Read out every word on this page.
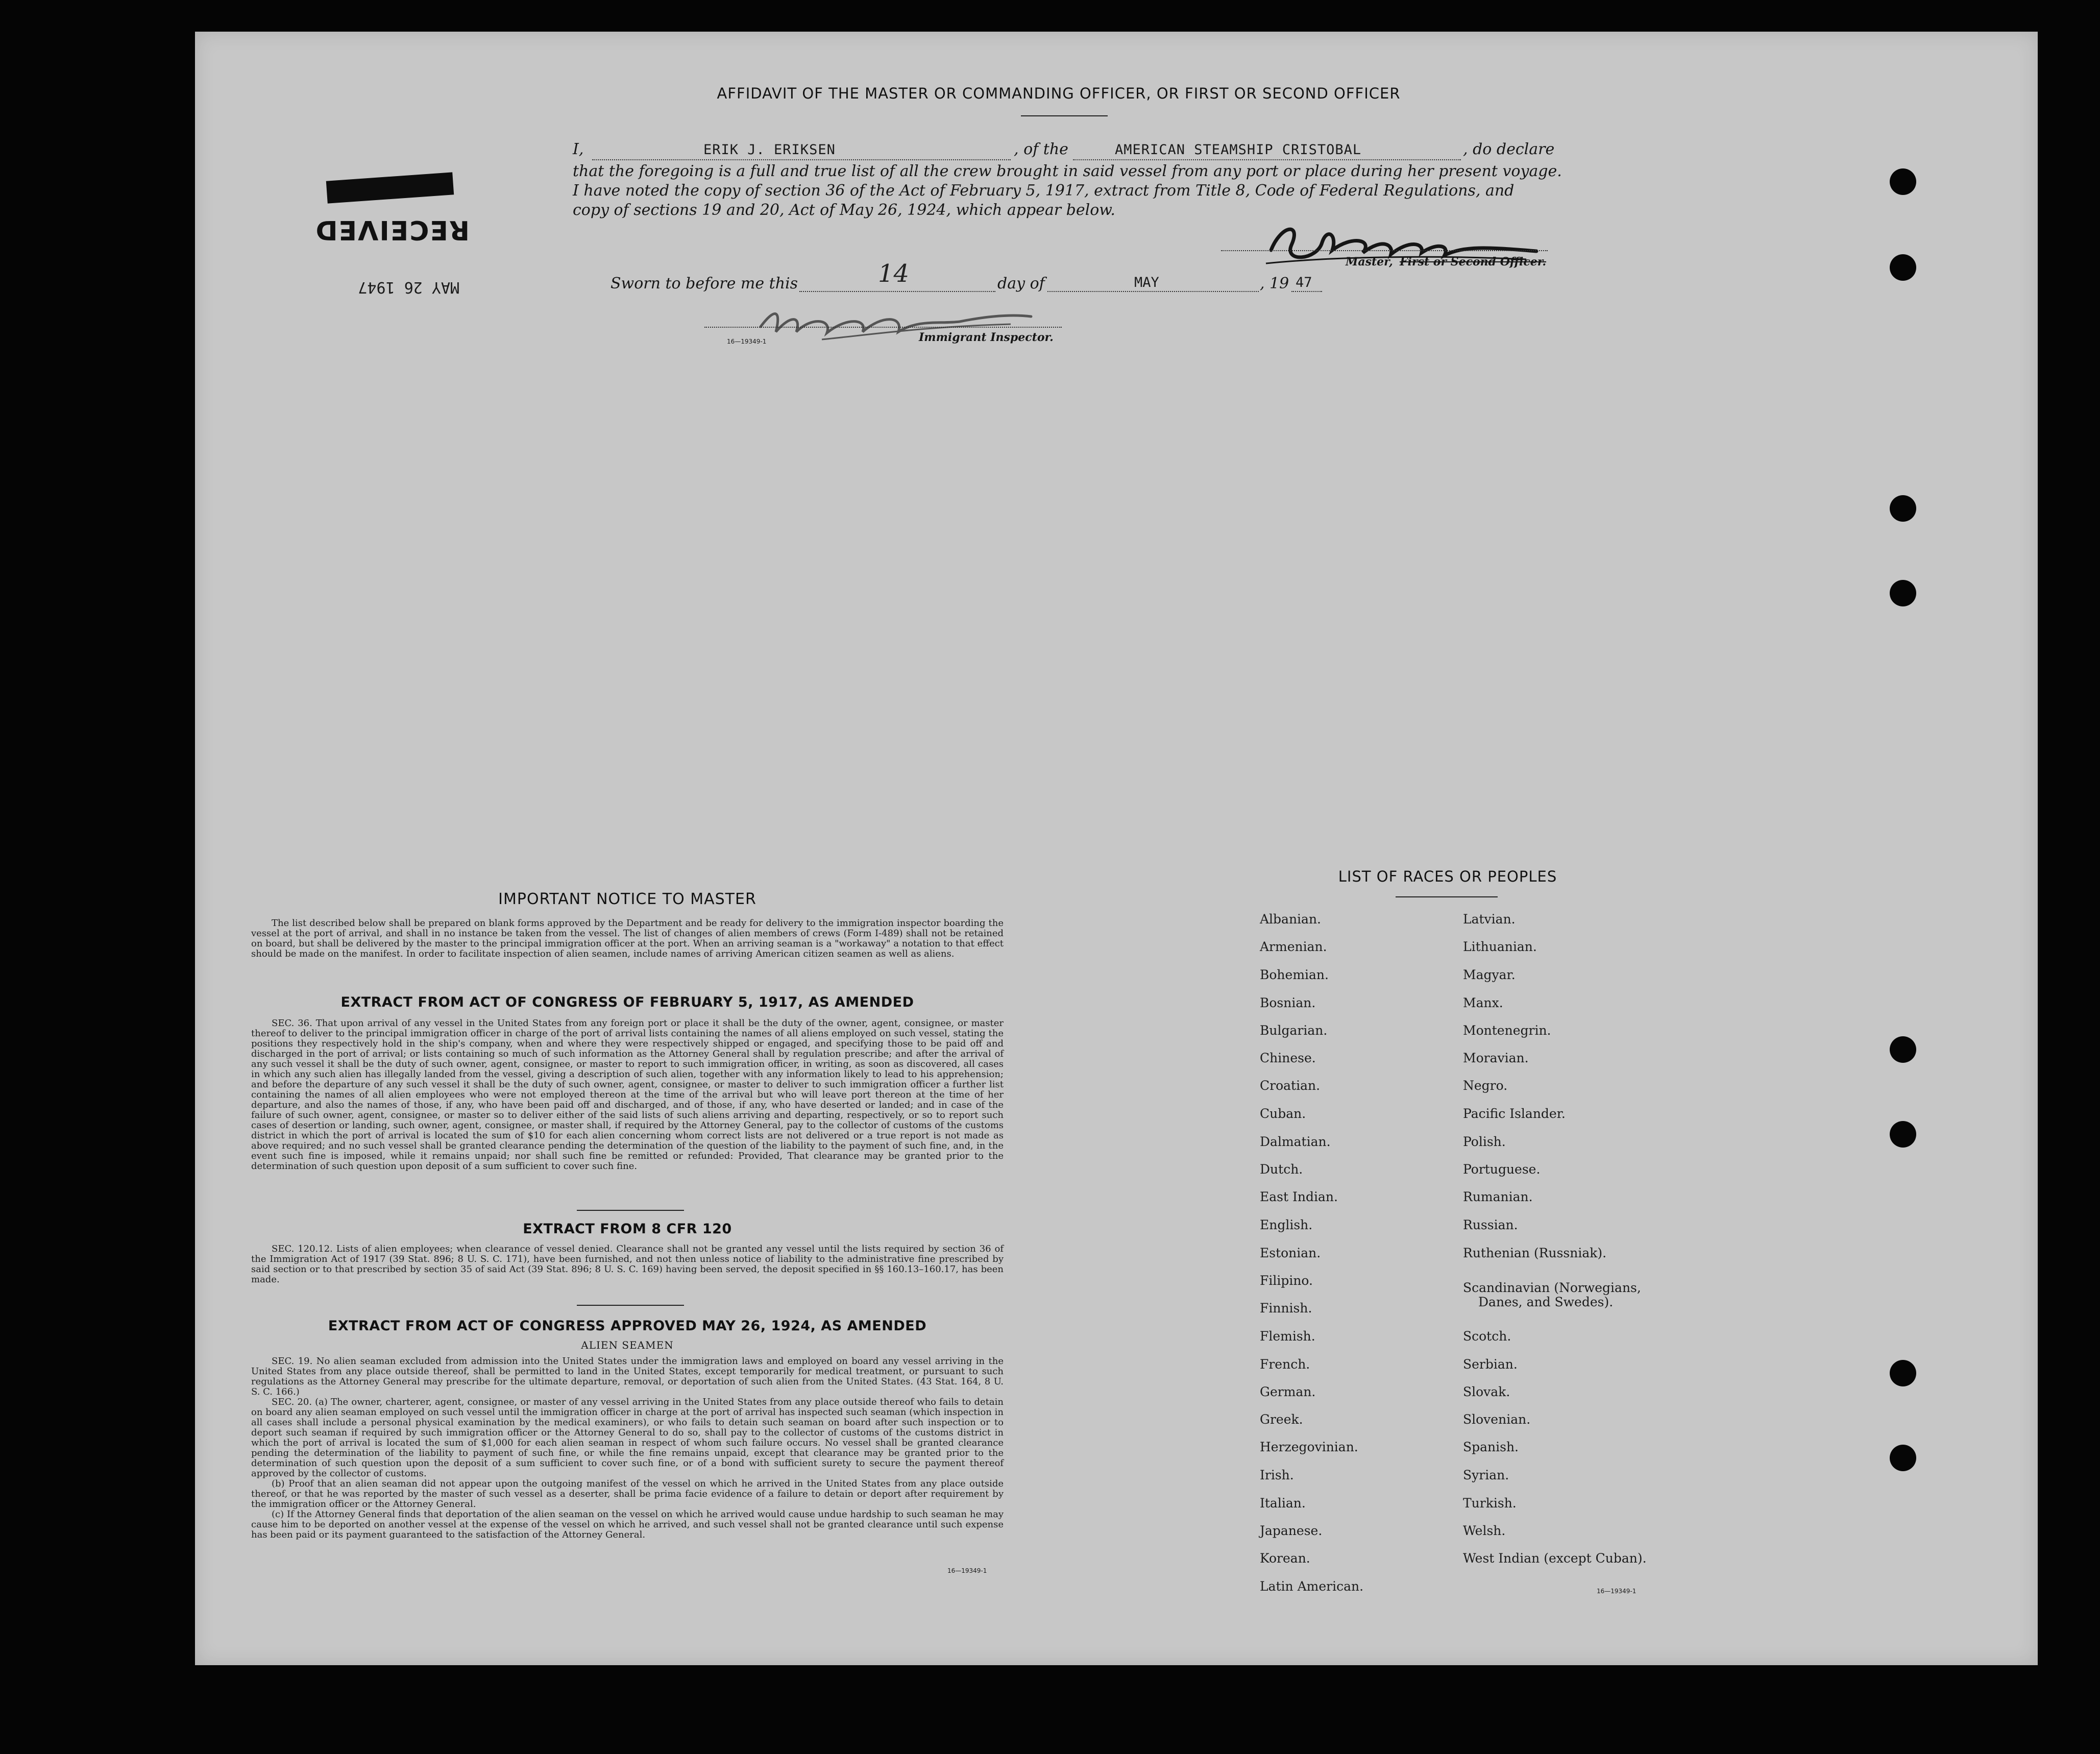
AFFIDAVIT OF THE MASTER OR COMMANDING OFFICER, OR FIRST OR SECOND OFFICER
I,	ERIK J. ERIKSEN	, of the	AMERICAN STEAMSHIP CRISTOBAL	, do declare
that the foregoing is a full and true list of all the crew brought in said vessel from any port or place during her present voyage.
I have noted the copy of section 36 of the Act of February 5, 1917, extract from Title 8, Code of Federal Regulations, and
copy of sections 19 and 20, Act of May 26, 1924, which appear below.
Master, First or Second Officer.
Sworn to before me this	14	day of	MAY	, 19 47
16—19349-1	Immigrant Inspector.
MAY 26 1947
RECEIVED
IMPORTANT NOTICE TO MASTER
The list described below shall be prepared on blank forms approved by the Department and be ready for delivery to the immigration inspector boarding the vessel at the port of arrival, and shall in no instance be taken from the vessel. The list of changes of alien members of crews (Form I-489) shall not be retained on board, but shall be delivered by the master to the principal immigration officer at the port. When an arriving seaman is a "workaway" a notation to that effect should be made on the manifest. In order to facilitate inspection of alien seamen, include names of arriving American citizen seamen as well as aliens.
EXTRACT FROM ACT OF CONGRESS OF FEBRUARY 5, 1917, AS AMENDED
SEC. 36. That upon arrival of any vessel in the United States from any foreign port or place it shall be the duty of the owner, agent, consignee, or master thereof to deliver to the principal immigration officer in charge of the port of arrival lists containing the names of all aliens employed on such vessel, stating the positions they respectively hold in the ship's company, when and where they were respectively shipped or engaged, and specifying those to be paid off and discharged in the port of arrival; or lists containing so much of such information as the Attorney General shall by regulation prescribe; and after the arrival of any such vessel it shall be the duty of such owner, agent, consignee, or master to report to such immigration officer, in writing, as soon as discovered, all cases in which any such alien has illegally landed from the vessel, giving a description of such alien, together with any information likely to lead to his apprehension; and before the departure of any such vessel it shall be the duty of such owner, agent, consignee, or master to deliver to such immigration officer a further list containing the names of all alien employees who were not employed thereon at the time of the arrival but who will leave port thereon at the time of her departure, and also the names of those, if any, who have been paid off and discharged, and of those, if any, who have deserted or landed; and in case of the failure of such owner, agent, consignee, or master so to deliver either of the said lists of such aliens arriving and departing, respectively, or so to report such cases of desertion or landing, such owner, agent, consignee, or master shall, if required by the Attorney General, pay to the collector of customs of the customs district in which the port of arrival is located the sum of $10 for each alien concerning whom correct lists are not delivered or a true report is not made as above required; and no such vessel shall be granted clearance pending the determination of the question of the liability to the payment of such fine, and, in the event such fine is imposed, while it remains unpaid; nor shall such fine be remitted or refunded: Provided, That clearance may be granted prior to the determination of such question upon deposit of a sum sufficient to cover such fine.
EXTRACT FROM 8 CFR 120
SEC. 120.12. Lists of alien employees; when clearance of vessel denied. Clearance shall not be granted any vessel until the lists required by section 36 of the Immigration Act of 1917 (39 Stat. 896; 8 U. S. C. 171), have been furnished, and not then unless notice of liability to the administrative fine prescribed by said section or to that prescribed by section 35 of said Act (39 Stat. 896; 8 U. S. C. 169) having been served, the deposit specified in §§ 160.13–160.17, has been made.
EXTRACT FROM ACT OF CONGRESS APPROVED MAY 26, 1924, AS AMENDED
ALIEN SEAMEN
SEC. 19. No alien seaman excluded from admission into the United States under the immigration laws and employed on board any vessel arriving in the United States from any place outside thereof, shall be permitted to land in the United States, except temporarily for medical treatment, or pursuant to such regulations as the Attorney General may prescribe for the ultimate departure, removal, or deportation of such alien from the United States. (43 Stat. 164, 8 U. S. C. 166.)
SEC. 20. (a) The owner, charterer, agent, consignee, or master of any vessel arriving in the United States from any place outside thereof who fails to detain on board any alien seaman employed on such vessel until the immigration officer in charge at the port of arrival has inspected such seaman (which inspection in all cases shall include a personal physical examination by the medical examiners), or who fails to detain such seaman on board after such inspection or to deport such seaman if required by such immigration officer or the Attorney General to do so, shall pay to the collector of customs of the customs district in which the port of arrival is located the sum of $1,000 for each alien seaman in respect of whom such failure occurs. No vessel shall be granted clearance pending the determination of the liability to payment of such fine, or while the fine remains unpaid, except that clearance may be granted prior to the determination of such question upon the deposit of a sum sufficient to cover such fine, or of a bond with sufficient surety to secure the payment thereof approved by the collector of customs.
(b) Proof that an alien seaman did not appear upon the outgoing manifest of the vessel on which he arrived in the United States from any place outside thereof, or that he was reported by the master of such vessel as a deserter, shall be prima facie evidence of a failure to detain or deport after requirement by the immigration officer or the Attorney General.
(c) If the Attorney General finds that deportation of the alien seaman on the vessel on which he arrived would cause undue hardship to such seaman he may cause him to be deported on another vessel at the expense of the vessel on which he arrived, and such vessel shall not be granted clearance until such expense has been paid or its payment guaranteed to the satisfaction of the Attorney General.
16—19349-1
LIST OF RACES OR PEOPLES
Albanian.
Armenian.
Bohemian.
Bosnian.
Bulgarian.
Chinese.
Croatian.
Cuban.
Dalmatian.
Dutch.
East Indian.
English.
Estonian.
Filipino.
Finnish.
Flemish.
French.
German.
Greek.
Herzegovinian.
Irish.
Italian.
Japanese.
Korean.
Latin American.
Latvian.
Lithuanian.
Magyar.
Manx.
Montenegrin.
Moravian.
Negro.
Pacific Islander.
Polish.
Portuguese.
Rumanian.
Russian.
Ruthenian (Russniak).
Scandinavian (Norwegians,
Danes, and Swedes).
Scotch.
Serbian.
Slovak.
Slovenian.
Spanish.
Syrian.
Turkish.
Welsh.
West Indian (except Cuban).
16—19349-1
